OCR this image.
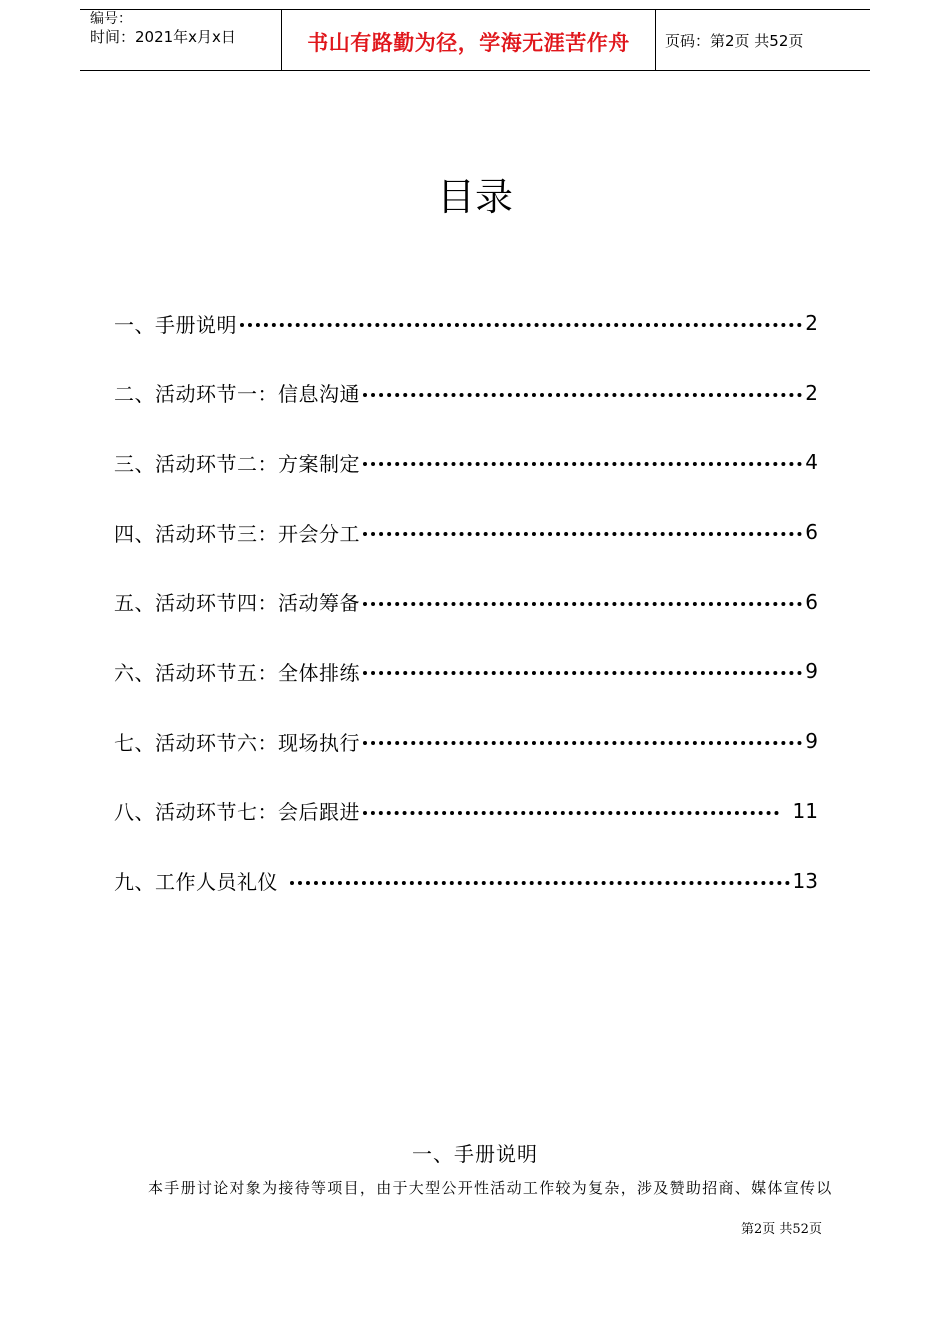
编号：
时间：2021年x月x日	书山有路勤为径，学海无涯苦作舟	页码：第2页 共52页
目录
一、手册说明	2
二、活动环节一：信息沟通	2
三、活动环节二：方案制定	4
四、活动环节三：开会分工	6
五、活动环节四：活动筹备	6
六、活动环节五：全体排练	9
七、活动环节六：现场执行	9
八、活动环节七：会后跟进	11
九、工作人员礼仪	13
一、手册说明
本手册讨论对象为接待等项目，由于大型公开性活动工作较为复杂，涉及赞助招商、媒体宣传以
第2页 共52页
